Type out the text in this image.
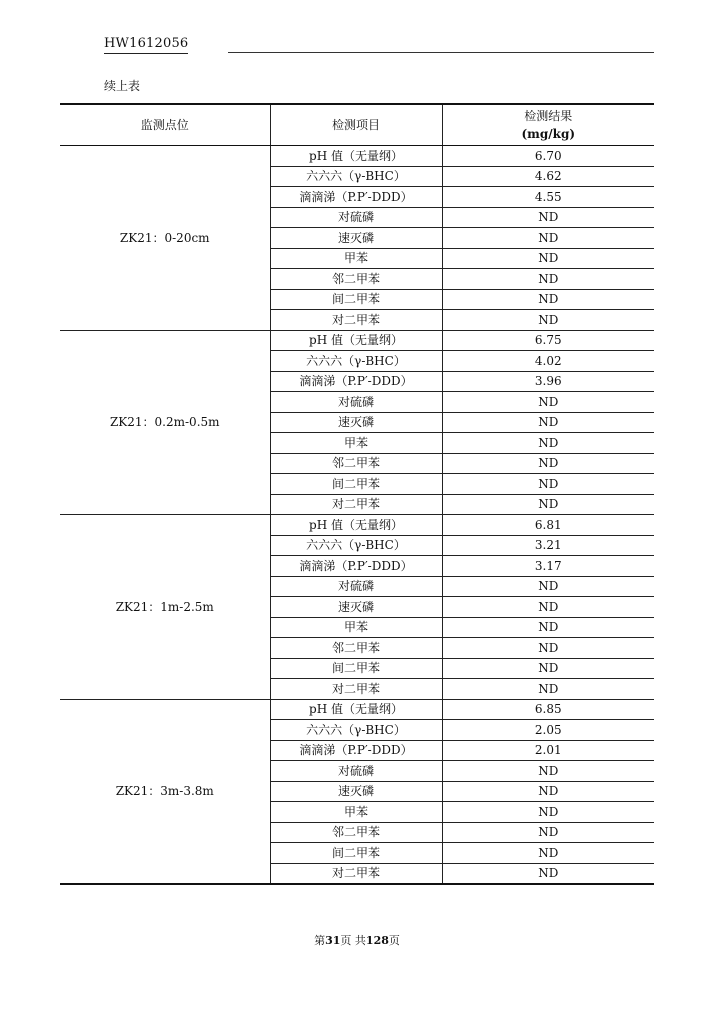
HW1612056
续上表
监测点位	检测项目	检测结果
(mg/kg)

ZK21：0-20cm	pH 值（无量纲）	6.70
	六六六（γ-BHC）	4.62
	滴滴涕（P.P′-DDD）	4.55
	对硫磷	ND
	速灭磷	ND
	甲苯	ND
	邻二甲苯	ND
	间二甲苯	ND
	对二甲苯	ND
ZK21：0.2m-0.5m	pH 值（无量纲）	6.75
	六六六（γ-BHC）	4.02
	滴滴涕（P.P′-DDD）	3.96
	对硫磷	ND
	速灭磷	ND
	甲苯	ND
	邻二甲苯	ND
	间二甲苯	ND
	对二甲苯	ND
ZK21：1m-2.5m	pH 值（无量纲）	6.81
	六六六（γ-BHC）	3.21
	滴滴涕（P.P′-DDD）	3.17
	对硫磷	ND
	速灭磷	ND
	甲苯	ND
	邻二甲苯	ND
	间二甲苯	ND
	对二甲苯	ND
ZK21：3m-3.8m	pH 值（无量纲）	6.85
	六六六（γ-BHC）	2.05
	滴滴涕（P.P′-DDD）	2.01
	对硫磷	ND
	速灭磷	ND
	甲苯	ND
	邻二甲苯	ND
	间二甲苯	ND
	对二甲苯	ND
第31页 共128页
